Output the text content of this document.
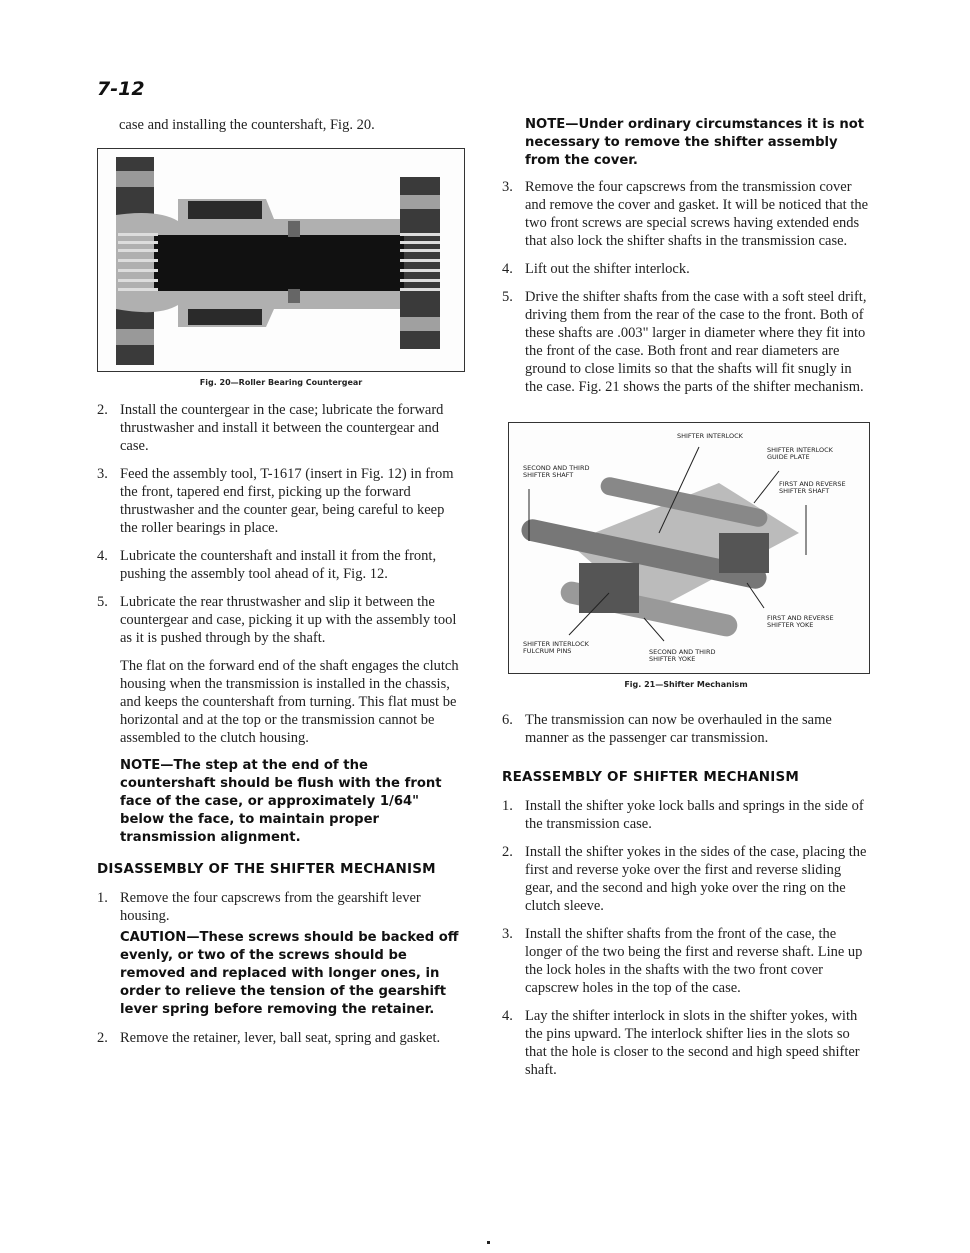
7-12

case and installing the countershaft, Fig. 20.

Fig. 20—Roller Bearing Countergear
2. Install the countergear in the case; lubricate the forward thrustwasher and install it between the countergear and case.
3. Feed the assembly tool, T-1617 (insert in Fig. 12) in from the front, tapered end first, picking up the forward thrustwasher and the counter gear, being careful to keep the roller bearings in place.
4. Lubricate the countershaft and install it from the front, pushing the assembly tool ahead of it, Fig. 12.
5. Lubricate the rear thrustwasher and slip it between the countergear and case, picking it up with the assembly tool as it is pushed through by the shaft.

The flat on the forward end of the shaft engages the clutch housing when the transmission is installed in the chassis, and keeps the countershaft from turning. This flat must be horizontal and at the top or the transmission cannot be assembled to the clutch housing.

NOTE—The step at the end of the countershaft should be flush with the front face of the case, or approximately 1/64" below the face, to maintain proper transmission alignment.

DISASSEMBLY OF THE SHIFTER MECHANISM
1. Remove the four capscrews from the gearshift lever housing.

CAUTION—These screws should be backed off evenly, or two of the screws should be removed and replaced with longer ones, in order to relieve the tension of the gearshift lever spring before removing the retainer.

2. Remove the retainer, lever, ball seat, spring and gasket.

NOTE—Under ordinary circumstances it is not necessary to remove the shifter assembly from the cover.

3. Remove the four capscrews from the transmission cover and remove the cover and gasket. It will be noticed that the two front screws are special screws having extended ends that also lock the shifter shafts in the transmission case.
4. Lift out the shifter interlock.
5. Drive the shifter shafts from the case with a soft steel drift, driving them from the rear of the case to the front. Both of these shafts are .003" larger in diameter where they fit into the front of the case. Both front and rear diameters are ground to close limits so that the shafts will fit snugly in the case. Fig. 21 shows the parts of the shifter mechanism.
SHIFTER INTERLOCK
SHIFTER INTERLOCK GUIDE PLATE
SECOND AND THIRD SHIFTER SHAFT
FIRST AND REVERSE SHIFTER SHAFT
FIRST AND REVERSE SHIFTER YOKE
SHIFTER INTERLOCK FULCRUM PINS	SECOND AND THIRD SHIFTER YOKE
Fig. 21—Shifter Mechanism
6. The transmission can now be overhauled in the same manner as the passenger car transmission.
REASSEMBLY OF SHIFTER MECHANISM
1. Install the shifter yoke lock balls and springs in the side of the transmission case.
2. Install the shifter yokes in the sides of the case, placing the first and reverse yoke over the first and reverse sliding gear, and the second and high yoke over the ring on the clutch sleeve.
3. Install the shifter shafts from the front of the case, the longer of the two being the first and reverse shaft. Line up the lock holes in the shafts with the two front cover capscrew holes in the top of the case.
4. Lay the shifter interlock in slots in the shifter yokes, with the pins upward. The interlock shifter lies in the slots so that the hole is closer to the second and high speed shifter shaft.
